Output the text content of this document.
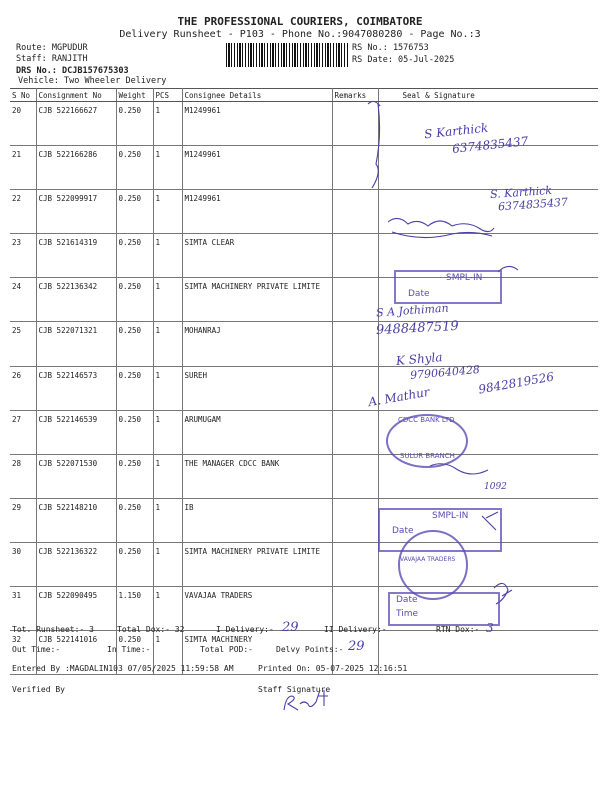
THE PROFESSIONAL COURIERS, COIMBATORE
Delivery Runsheet - P103 - Phone No.:9047080280 - Page No.:3
Route: MGPUDUR
Staff: RANJITH
DRS No.: DCJB157675303
Vehicle: Two Wheeler Delivery
RS No.: 1576753
RS Date: 05-Jul-2025
S No	Consignment No	Weight	PCS	Consignee Details	Remarks	Seal & Signature
20	CJB 522166627	0.250	1	M1249961		
21	CJB 522166286	0.250	1	M1249961		
22	CJB 522099917	0.250	1	M1249961		
23	CJB 521614319	0.250	1	SIMTA CLEAR		
24	CJB 522136342	0.250	1	SIMTA MACHINERY PRIVATE LIMITE		
25	CJB 522071321	0.250	1	MOHANRAJ		
26	CJB 522146573	0.250	1	SUREH		
27	CJB 522146539	0.250	1	ARUMUGAM		
28	CJB 522071530	0.250	1	THE MANAGER CDCC BANK		
29	CJB 522148210	0.250	1	IB		
30	CJB 522136322	0.250	1	SIMTA MACHINERY PRIVATE LIMITE		
31	CJB 522090495	1.150	1	VAVAJAA TRADERS		
32	CJB 522141016	0.250	1	SIMTA MACHINERY		
S Karthick
6374835437
S. Karthick
6374835437
S A Jothiman
9488487519
K Shyla
9790640428
A. Mathur
9842819526
1092
SMPL-IN
Date
CDCC BANK LTD
SULUR BRANCH
SMPL-IN
Date
VAVAJAA TRADERS
Date
Time
Tot. Runsheet:- 3	Total Dox:- 32	I Delivery:- 29	II Delivery:-	RTN Dox:- 3
Out Time:-	In Time:-	Total POD:-	Delvy Points:- 29
Entered By :MAGDALIN103 07/05/2025 11:59:58 AM	Printed On: 05-07-2025 12:16:51
Verified By	Staff Signature
